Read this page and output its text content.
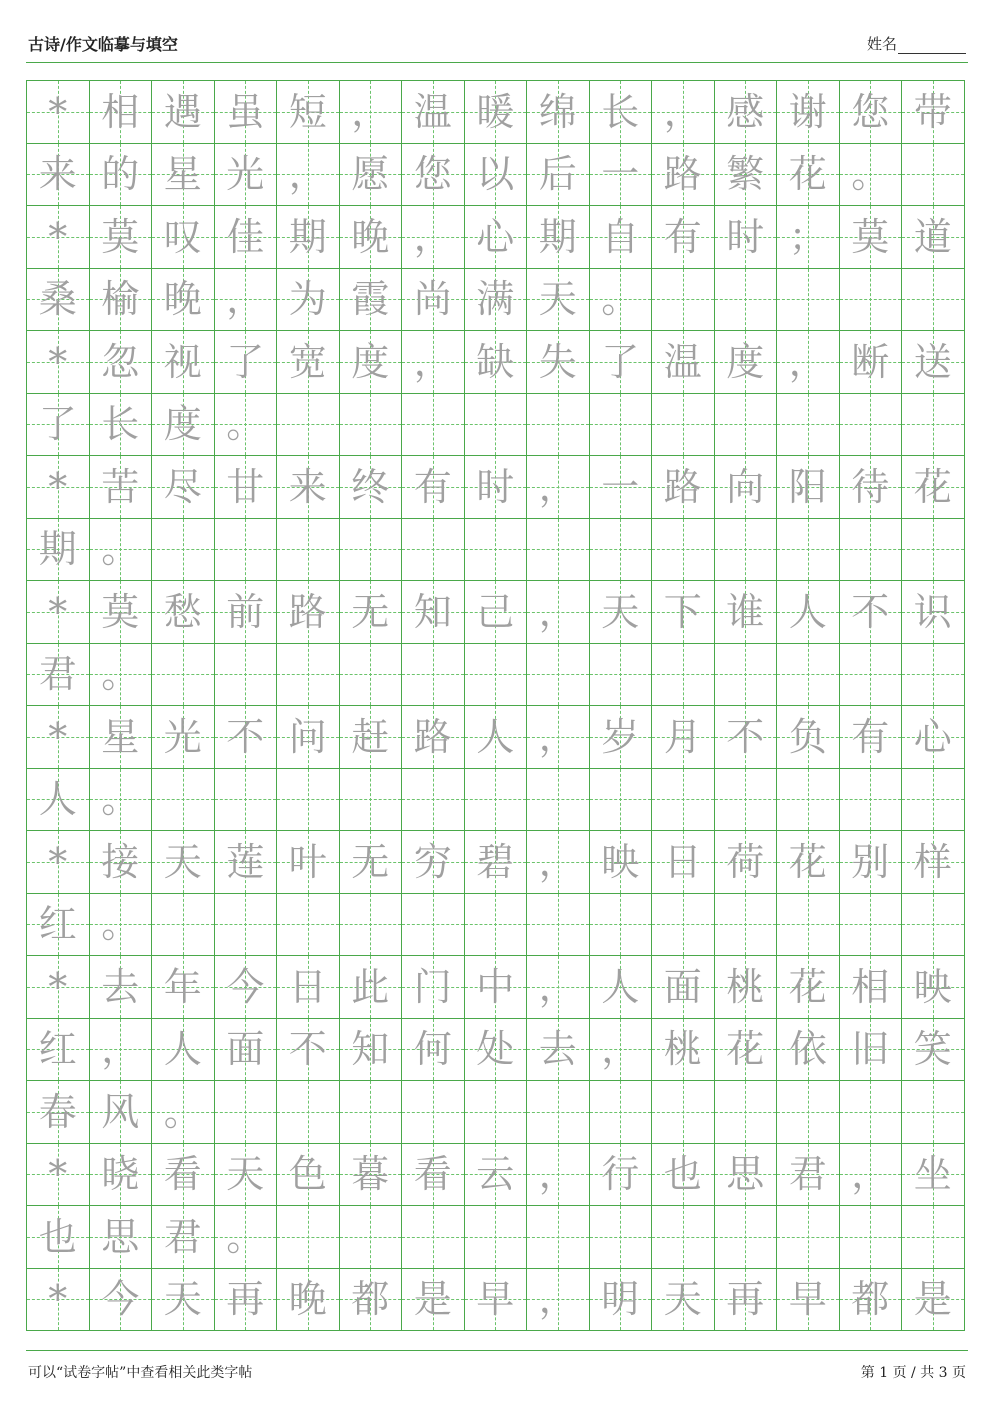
古诗/作文临摹与填空	姓名
* 相 遇 虽 短 ， 温 暖 绵 长 ， 感 谢 您 带
来 的 星 光 ， 愿 您 以 后 一 路 繁 花 。
* 莫 叹 佳 期 晚 ， 心 期 自 有 时 ； 莫 道
桑 榆 晚 ， 为 霞 尚 满 天 。
* 忽 视 了 宽 度 ， 缺 失 了 温 度 ， 断 送
了 长 度 。
* 苦 尽 甘 来 终 有 时 ， 一 路 向 阳 待 花
期 。
* 莫 愁 前 路 无 知 己 ， 天 下 谁 人 不 识
君 。
* 星 光 不 问 赶 路 人 ， 岁 月 不 负 有 心
人 。
* 接 天 莲 叶 无 穷 碧 ， 映 日 荷 花 别 样
红 。
* 去 年 今 日 此 门 中 ， 人 面 桃 花 相 映
红 ， 人 面 不 知 何 处 去 ， 桃 花 依 旧 笑
春 风 。
* 晓 看 天 色 暮 看 云 ， 行 也 思 君 ， 坐
也 思 君 。
* 今 天 再 晚 都 是 早 ， 明 天 再 早 都 是
可以“试卷字帖”中查看相关此类字帖	第 1 页 / 共 3 页
